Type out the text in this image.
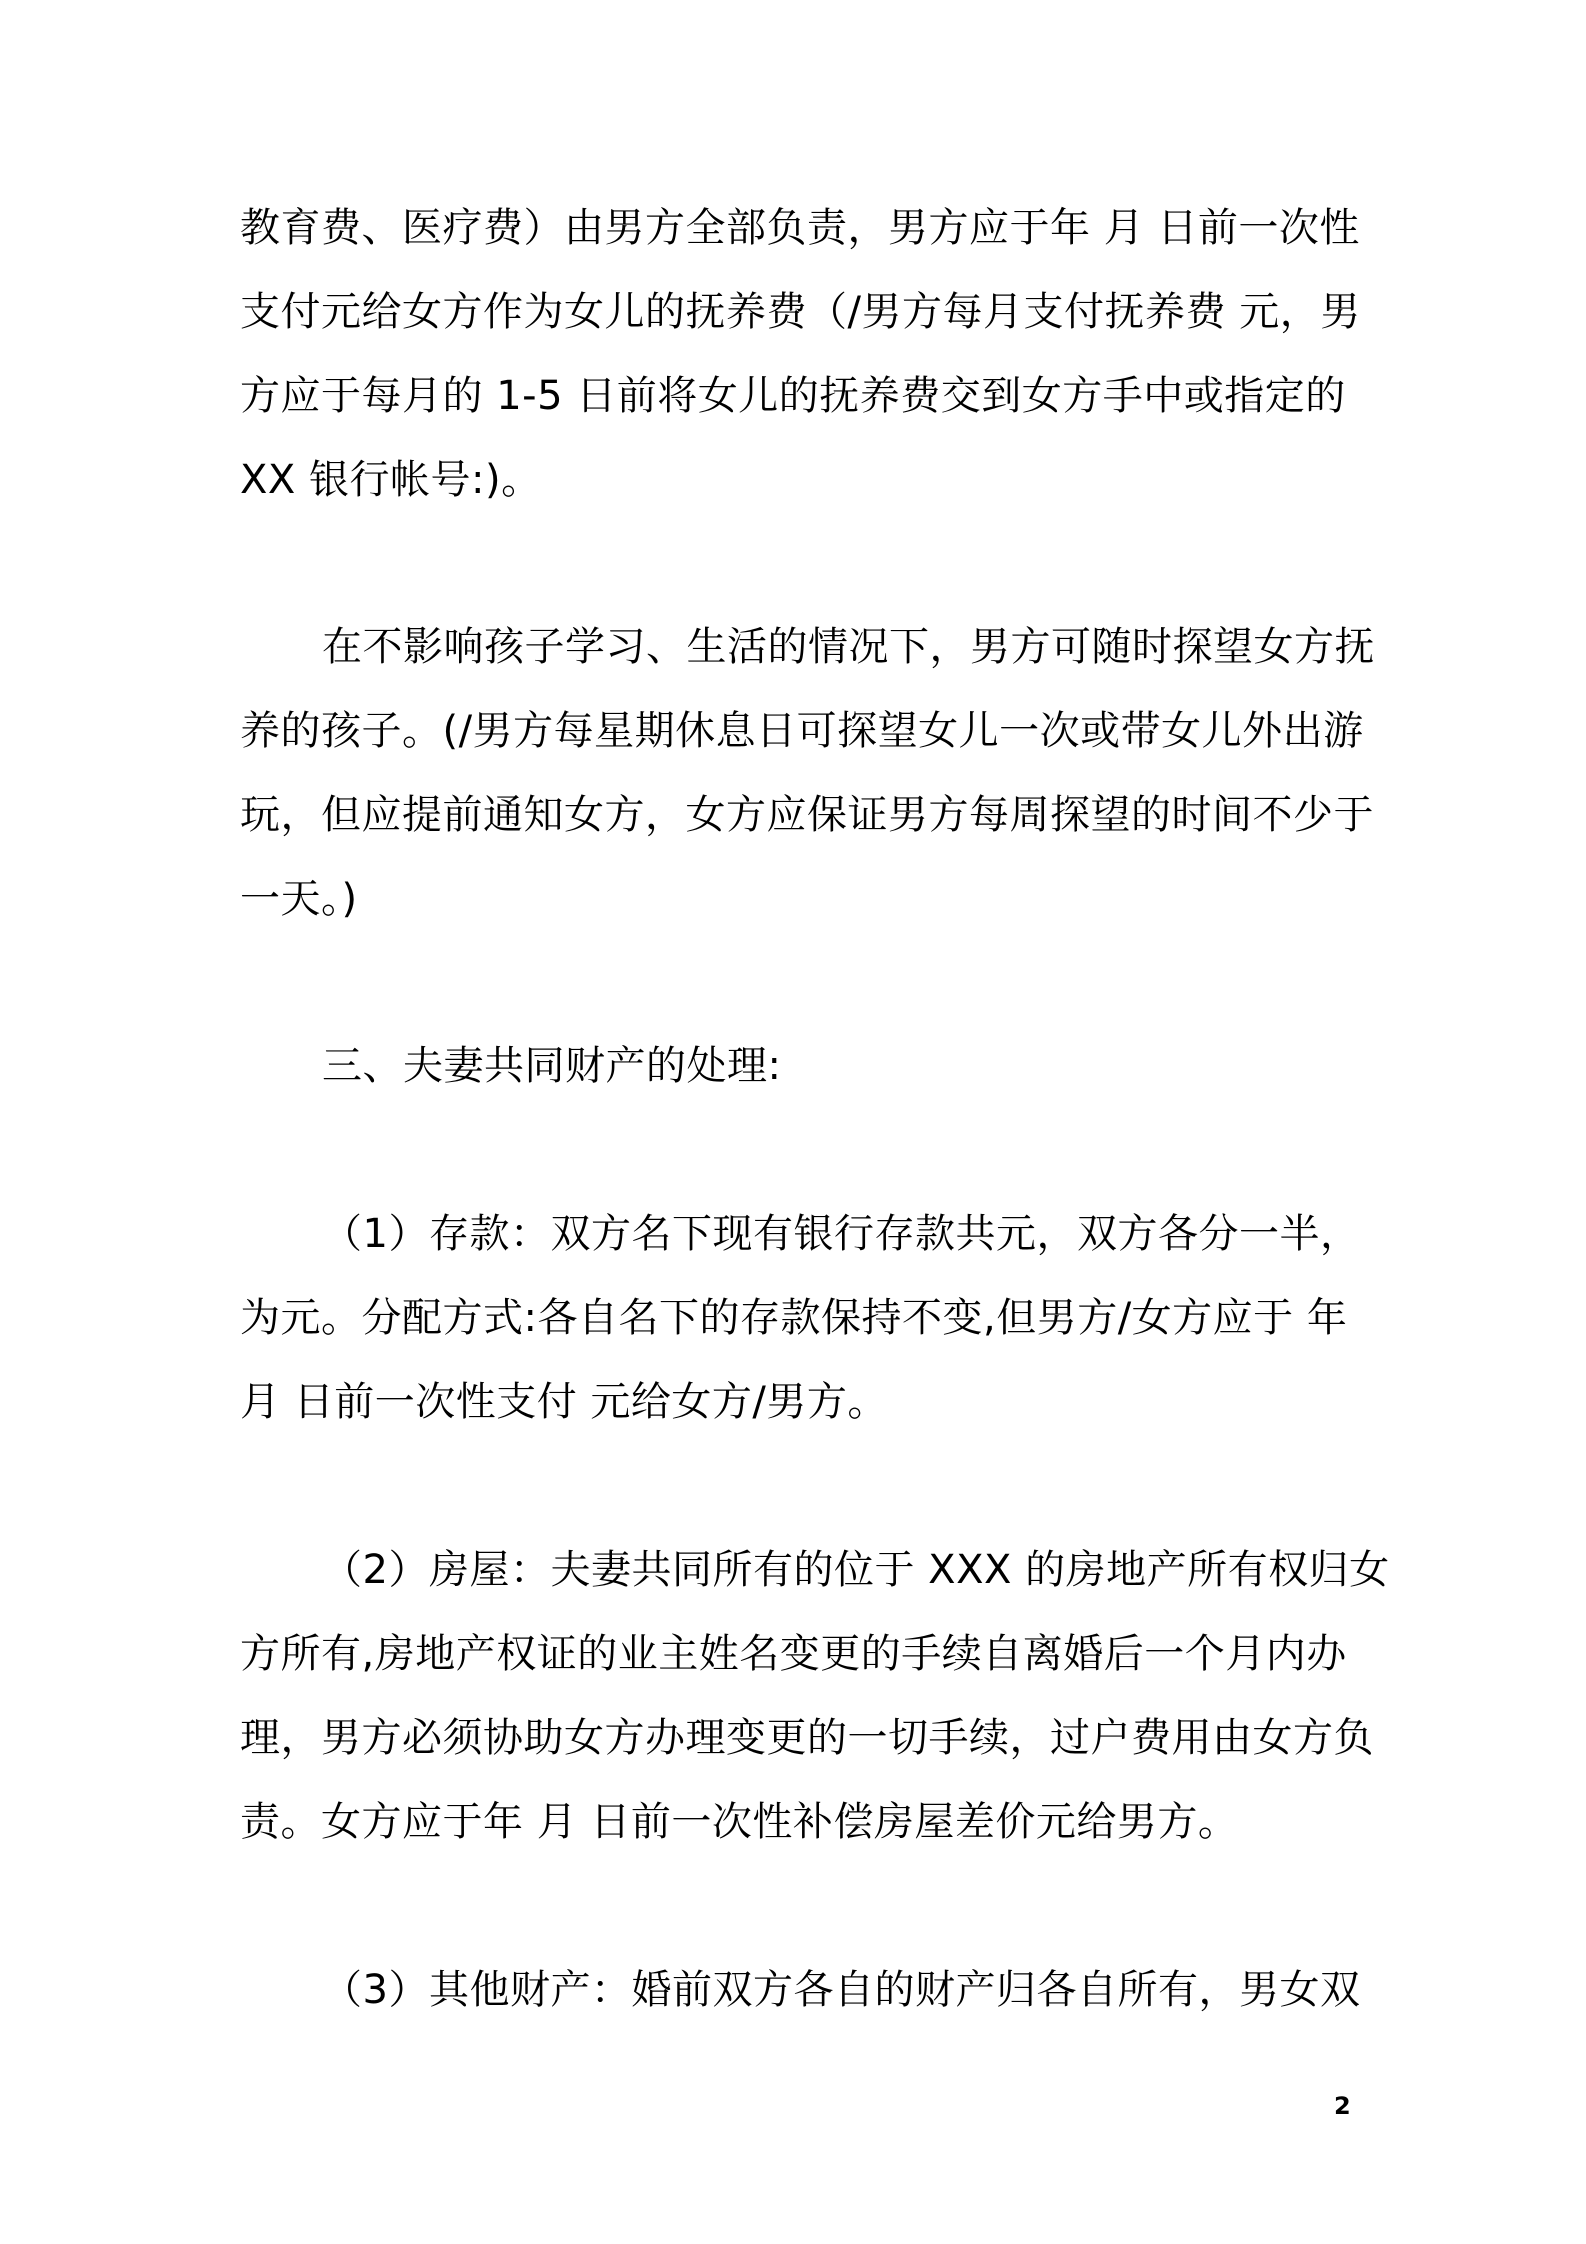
教育费、医疗费）由男方全部负责，男方应于年 月 日前一次性
支付元给女方作为女儿的抚养费（/男方每月支付抚养费 元，男
方应于每月的 1-5 日前将女儿的抚养费交到女方手中或指定的
XX 银行帐号:)。
在不影响孩子学习、生活的情况下，男方可随时探望女方抚
养的孩子。(/男方每星期休息日可探望女儿一次或带女儿外出游
玩，但应提前通知女方，女方应保证男方每周探望的时间不少于
一天。)
三、夫妻共同财产的处理:
（1）存款：双方名下现有银行存款共元，双方各分一半，
为元。分配方式:各自名下的存款保持不变,但男方/女方应于 年
月 日前一次性支付 元给女方/男方。
（2）房屋：夫妻共同所有的位于 XXX 的房地产所有权归女
方所有,房地产权证的业主姓名变更的手续自离婚后一个月内办
理，男方必须协助女方办理变更的一切手续，过户费用由女方负
责。女方应于年 月 日前一次性补偿房屋差价元给男方。
（3）其他财产：婚前双方各自的财产归各自所有，男女双
2
